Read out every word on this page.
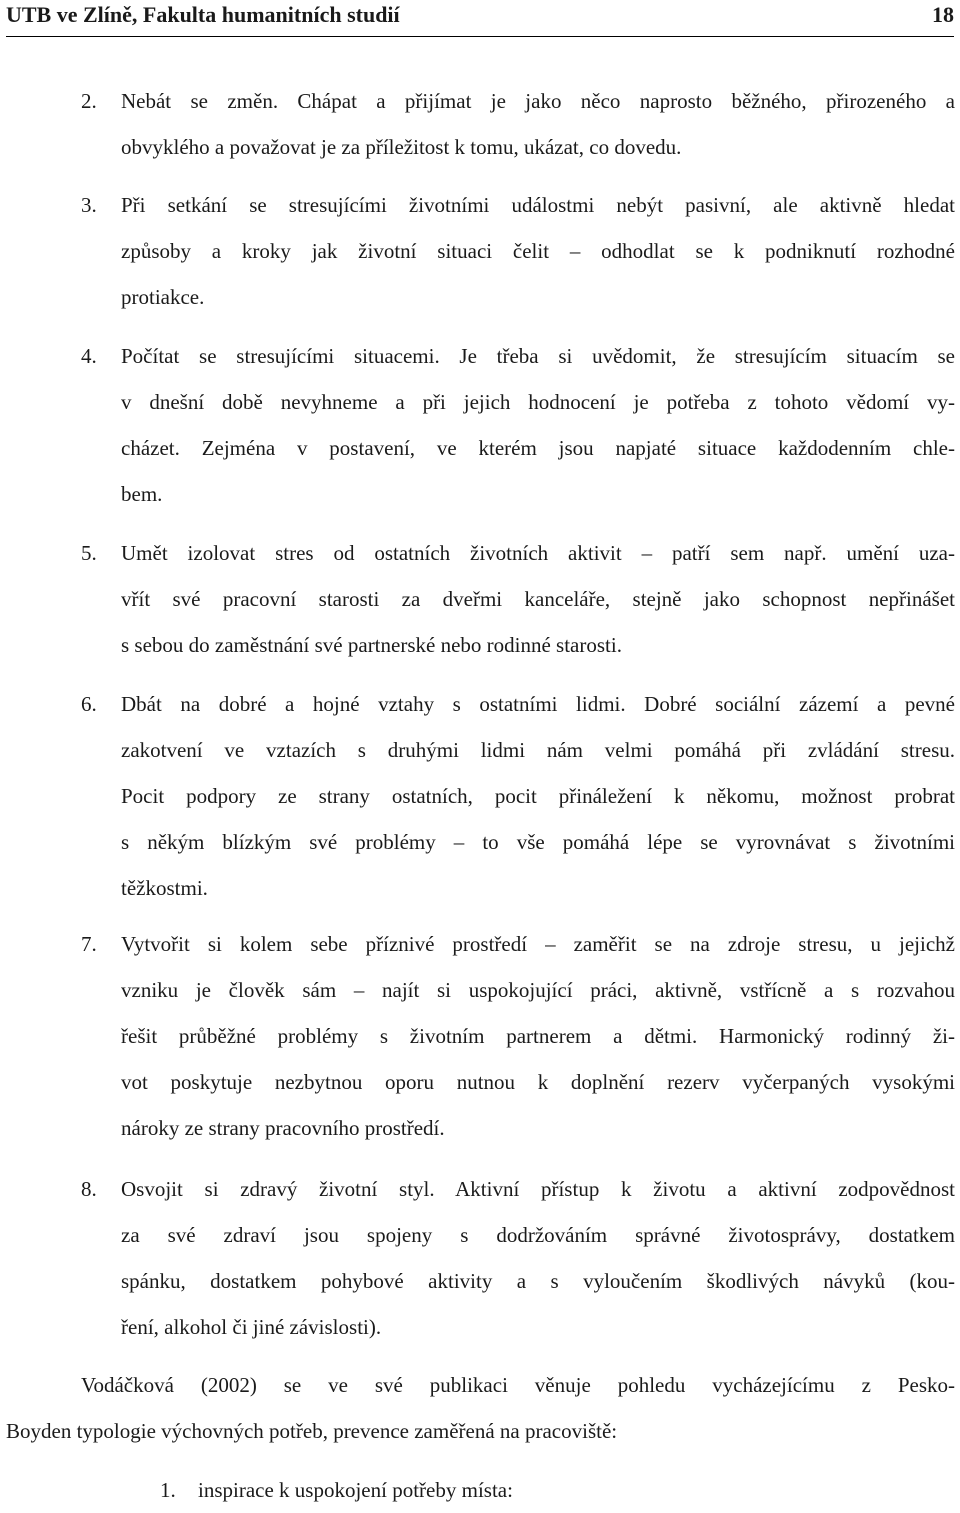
UTB ve Zlíně, Fakulta humanitních studií	18
2. Nebát se změn. Chápat a přijímat je jako něco naprosto běžného, přirozeného a
obvyklého a považovat je za příležitost k tomu, ukázat, co dovedu.
3. Při setkání se stresujícími životními událostmi nebýt pasivní, ale aktivně hledat
způsoby a kroky jak životní situaci čelit – odhodlat se k podniknutí rozhodné
protiakce.
4. Počítat se stresujícími situacemi. Je třeba si uvědomit, že stresujícím situacím se
v dnešní době nevyhneme a při jejich hodnocení je potřeba z tohoto vědomí vy-
cházet. Zejména v postavení, ve kterém jsou napjaté situace každodenním chle-
bem.
5. Umět izolovat stres od ostatních životních aktivit – patří sem např. umění uza-
vřít své pracovní starosti za dveřmi kanceláře, stejně jako schopnost nepřinášet
s sebou do zaměstnání své partnerské nebo rodinné starosti.
6. Dbát na dobré a hojné vztahy s ostatními lidmi. Dobré sociální zázemí a pevné
zakotvení ve vztazích s druhými lidmi nám velmi pomáhá při zvládání stresu.
Pocit podpory ze strany ostatních, pocit přináležení k někomu, možnost probrat
s někým blízkým své problémy – to vše pomáhá lépe se vyrovnávat s životními
těžkostmi.
7. Vytvořit si kolem sebe příznivé prostředí – zaměřit se na zdroje stresu, u jejichž
vzniku je člověk sám – najít si uspokojující práci, aktivně, vstřícně a s rozvahou
řešit průběžné problémy s životním partnerem a dětmi. Harmonický rodinný ži-
vot poskytuje nezbytnou oporu nutnou k doplnění rezerv vyčerpaných vysokými
nároky ze strany pracovního prostředí.
8. Osvojit si zdravý životní styl. Aktivní přístup k životu a aktivní zodpovědnost
za své zdraví jsou spojeny s dodržováním správné životosprávy, dostatkem
spánku, dostatkem pohybové aktivity a s vyloučením škodlivých návyků (kou-
ření, alkohol či jiné závislosti).
Vodáčková (2002) se ve své publikaci věnuje pohledu vycházejícímu z Pesko-
Boyden typologie výchovných potřeb, prevence zaměřená na pracoviště:
1. inspirace k uspokojení potřeby místa:
